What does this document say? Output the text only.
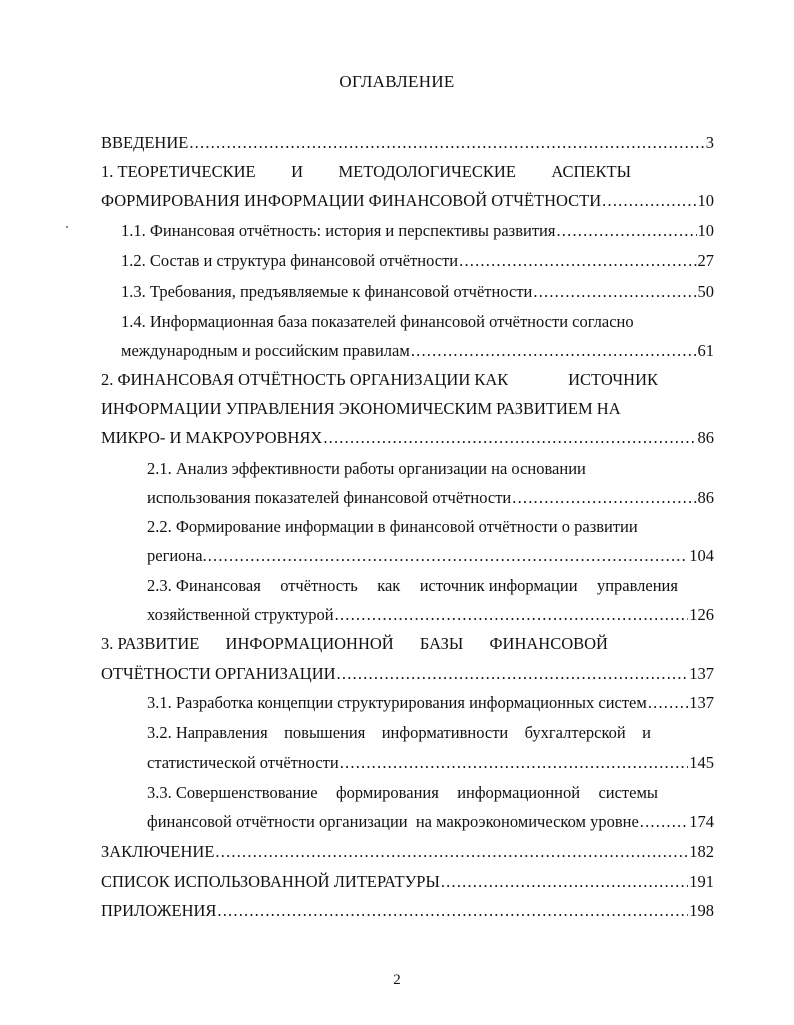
ОГЛАВЛЕНИЕ
ВВЕДЕНИЕ .....	3
1. ТЕОРЕТИЧЕСКИЕ И МЕТОДОЛОГИЧЕСКИЕ АСПЕКТЫ
ФОРМИРОВАНИЯ ИНФОРМАЦИИ ФИНАНСОВОЙ ОТЧЁТНОСТИ .....	10
1.1. Финансовая отчётность: история и перспективы развития .....	10
1.2. Состав и структура финансовой отчётности .....	27
1.3. Требования, предъявляемые к финансовой отчётности .....	50
1.4. Информационная база показателей финансовой отчётности согласно
международным и российским правилам .....	61
2. ФИНАНСОВАЯ ОТЧЁТНОСТЬ ОРГАНИЗАЦИИ КАК	ИСТОЧНИК
ИНФОРМАЦИИ УПРАВЛЕНИЯ ЭКОНОМИЧЕСКИМ РАЗВИТИЕМ НА
МИКРО- И МАКРОУРОВНЯХ .....	86
2.1. Анализ эффективности работы организации на основании
использования показателей финансовой отчётности .....	86
2.2. Формирование информации в финансовой отчётности о развитии
региона. .....	104
2.3. Финансовая отчётность как источник информации управления
хозяйственной структурой .....	126
3. РАЗВИТИЕ ИНФОРМАЦИОННОЙ БАЗЫ ФИНАНСОВОЙ
ОТЧЁТНОСТИ ОРГАНИЗАЦИИ .....	137
3.1. Разработка концепции структурирования информационных систем .....	137
3.2. Направления повышения информативности бухгалтерской и
статистической отчётности .....	145
3.3. Совершенствование формирования информационной системы
финансовой отчётности организации  на макроэкономическом уровне .....	174
ЗАКЛЮЧЕНИЕ .....	182
СПИСОК ИСПОЛЬЗОВАННОЙ ЛИТЕРАТУРЫ .....	191
ПРИЛОЖЕНИЯ .....	198
2
